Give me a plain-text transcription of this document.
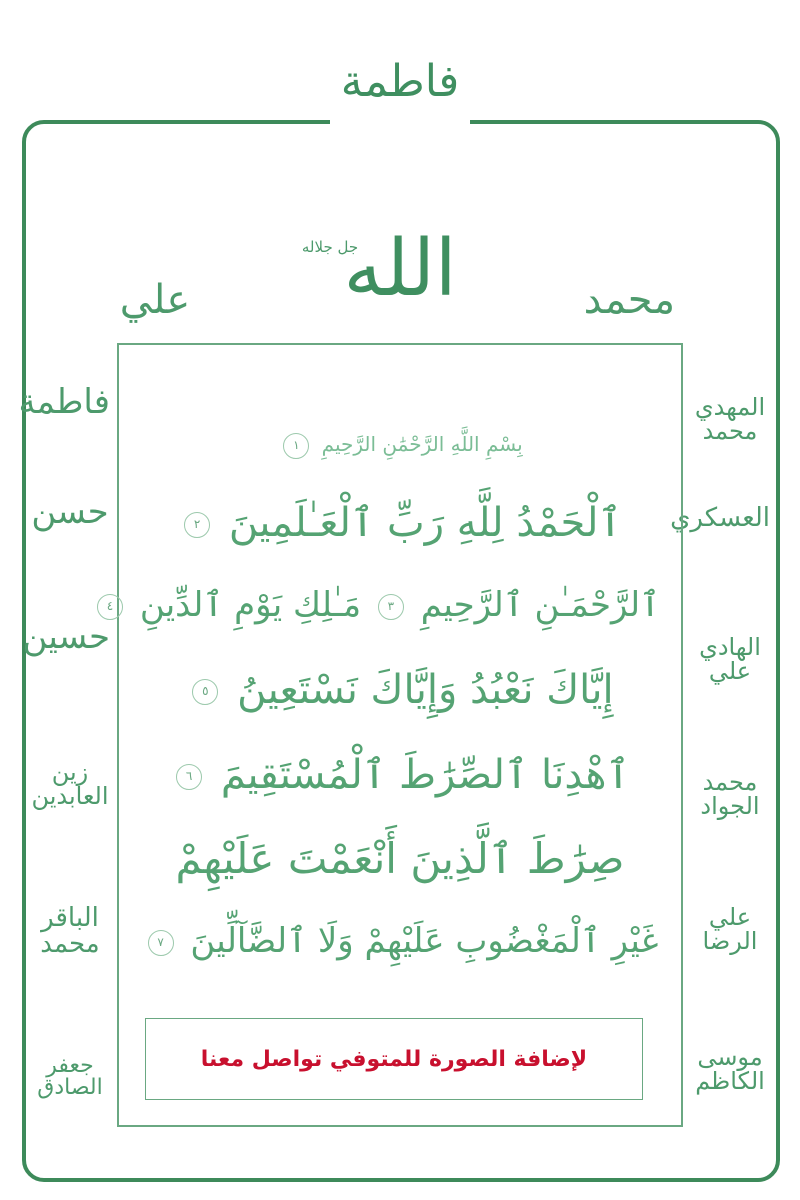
فاطمة
الله
جل جلاله
علي	محمد
فاطمة
حسن
حسين
زين العابدين
الباقر محمد
جعفر الصادق
المهدي محمد
العسكري
الهادي علي
محمد الجواد
علي الرضا
موسى الكاظم
بِسْمِ اللَّهِ الرَّحْمَٰنِ الرَّحِيمِ ١
ٱلْحَمْدُ لِلَّهِ رَبِّ ٱلْعَـٰلَمِينَ ٢
ٱلرَّحْمَـٰنِ ٱلرَّحِيمِ ٣ مَـٰلِكِ يَوْمِ ٱلدِّينِ ٤
إِيَّاكَ نَعْبُدُ وَإِيَّاكَ نَسْتَعِينُ ٥
ٱهْدِنَا ٱلصِّرَٰطَ ٱلْمُسْتَقِيمَ ٦
صِرَٰطَ ٱلَّذِينَ أَنْعَمْتَ عَلَيْهِمْ
غَيْرِ ٱلْمَغْضُوبِ عَلَيْهِمْ وَلَا ٱلضَّآلِّينَ ٧
لإضافة الصورة للمتوفي تواصل معنا
